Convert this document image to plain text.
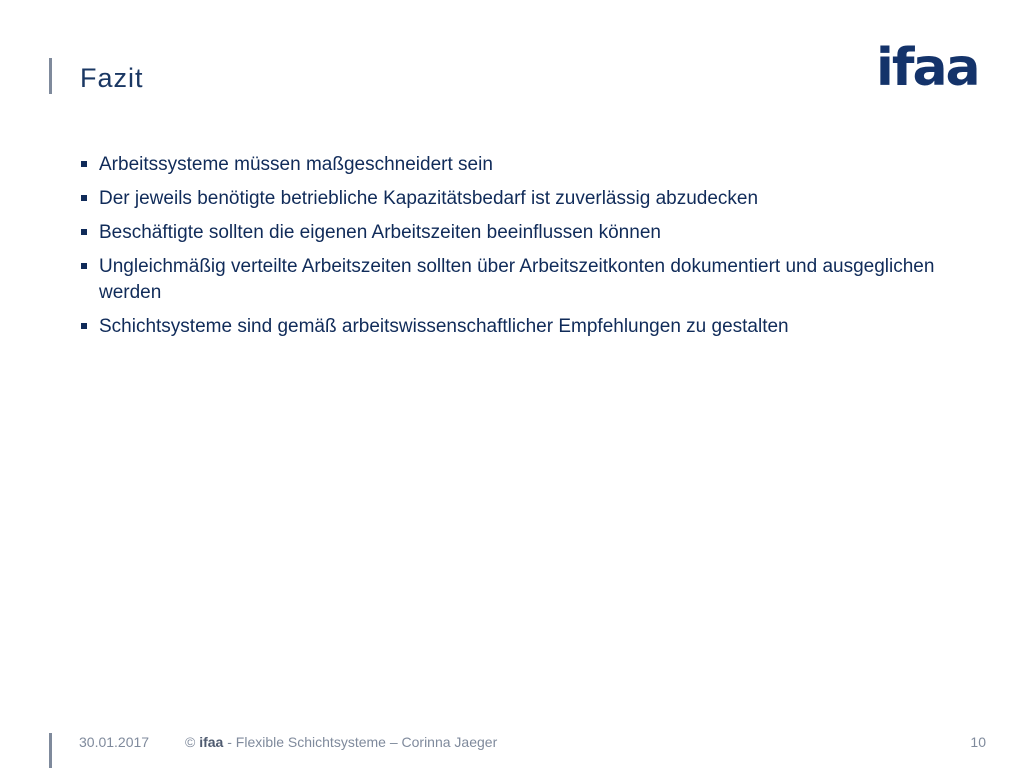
Fazit	ifaa
Arbeitssysteme müssen maßgeschneidert sein
Der jeweils benötigte betriebliche Kapazitätsbedarf ist zuverlässig abzudecken
Beschäftigte sollten die eigenen Arbeitszeiten beeinflussen können
Ungleichmäßig verteilte Arbeitszeiten sollten über Arbeitszeitkonten dokumentiert und ausgeglichen werden
Schichtsysteme sind gemäß arbeitswissenschaftlicher Empfehlungen zu gestalten
30.01.2017	© ifaa - Flexible Schichtsysteme – Corinna Jaeger	10
